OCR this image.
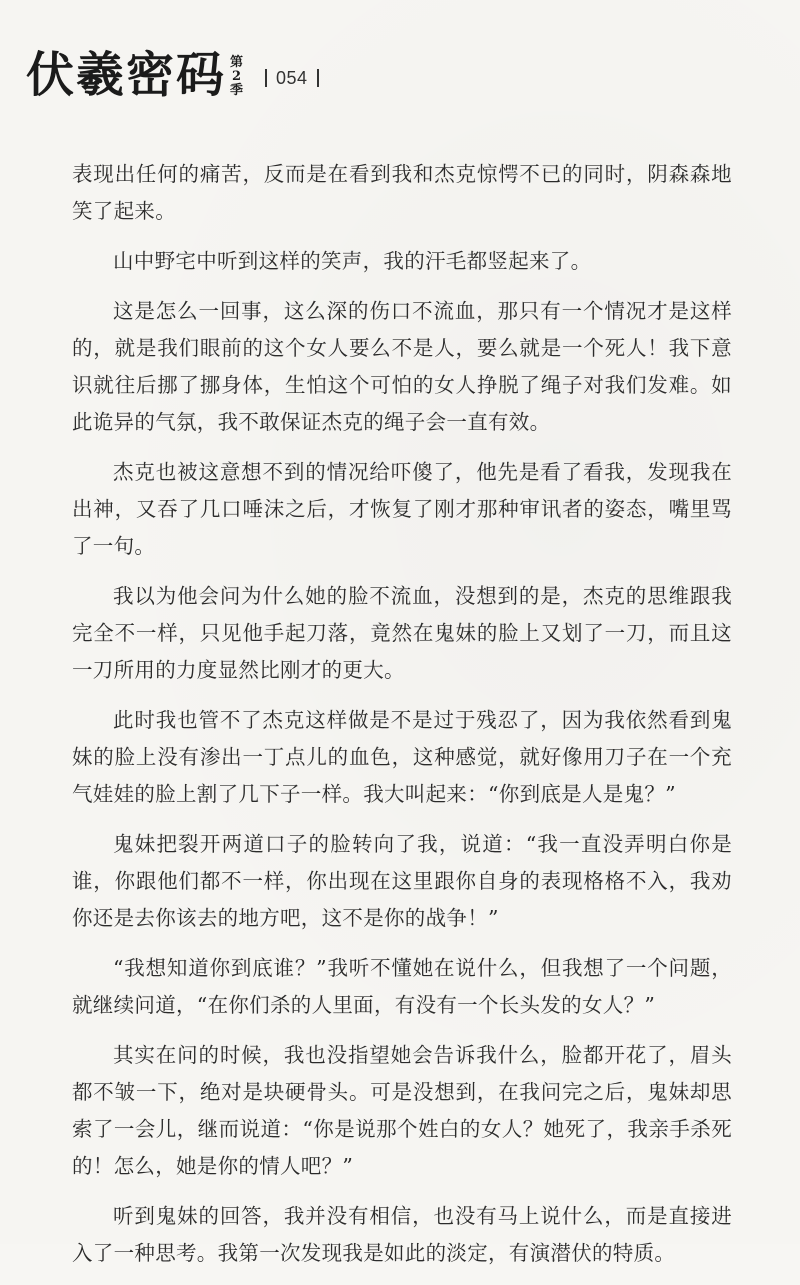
伏羲密码 第
2
季
054

表现出任何的痛苦，反而是在看到我和杰克惊愕不已的同时，阴森森地笑了起来。

山中野宅中听到这样的笑声，我的汗毛都竖起来了。

这是怎么一回事，这么深的伤口不流血，那只有一个情况才是这样的，就是我们眼前的这个女人要么不是人，要么就是一个死人！我下意识就往后挪了挪身体，生怕这个可怕的女人挣脱了绳子对我们发难。如此诡异的气氛，我不敢保证杰克的绳子会一直有效。

杰克也被这意想不到的情况给吓傻了，他先是看了看我，发现我在出神，又吞了几口唾沫之后，才恢复了刚才那种审讯者的姿态，嘴里骂了一句。

我以为他会问为什么她的脸不流血，没想到的是，杰克的思维跟我完全不一样，只见他手起刀落，竟然在鬼妹的脸上又划了一刀，而且这一刀所用的力度显然比刚才的更大。

此时我也管不了杰克这样做是不是过于残忍了，因为我依然看到鬼妹的脸上没有渗出一丁点儿的血色，这种感觉，就好像用刀子在一个充气娃娃的脸上割了几下子一样。我大叫起来：“你到底是人是鬼？”

鬼妹把裂开两道口子的脸转向了我，说道：“我一直没弄明白你是谁，你跟他们都不一样，你出现在这里跟你自身的表现格格不入，我劝你还是去你该去的地方吧，这不是你的战争！”

“我想知道你到底谁？”我听不懂她在说什么，但我想了一个问题，就继续问道，“在你们杀的人里面，有没有一个长头发的女人？”

其实在问的时候，我也没指望她会告诉我什么，脸都开花了，眉头都不皱一下，绝对是块硬骨头。可是没想到，在我问完之后，鬼妹却思索了一会儿，继而说道：“你是说那个姓白的女人？她死了，我亲手杀死的！怎么，她是你的情人吧？”

听到鬼妹的回答，我并没有相信，也没有马上说什么，而是直接进入了一种思考。我第一次发现我是如此的淡定，有演潜伏的特质。
